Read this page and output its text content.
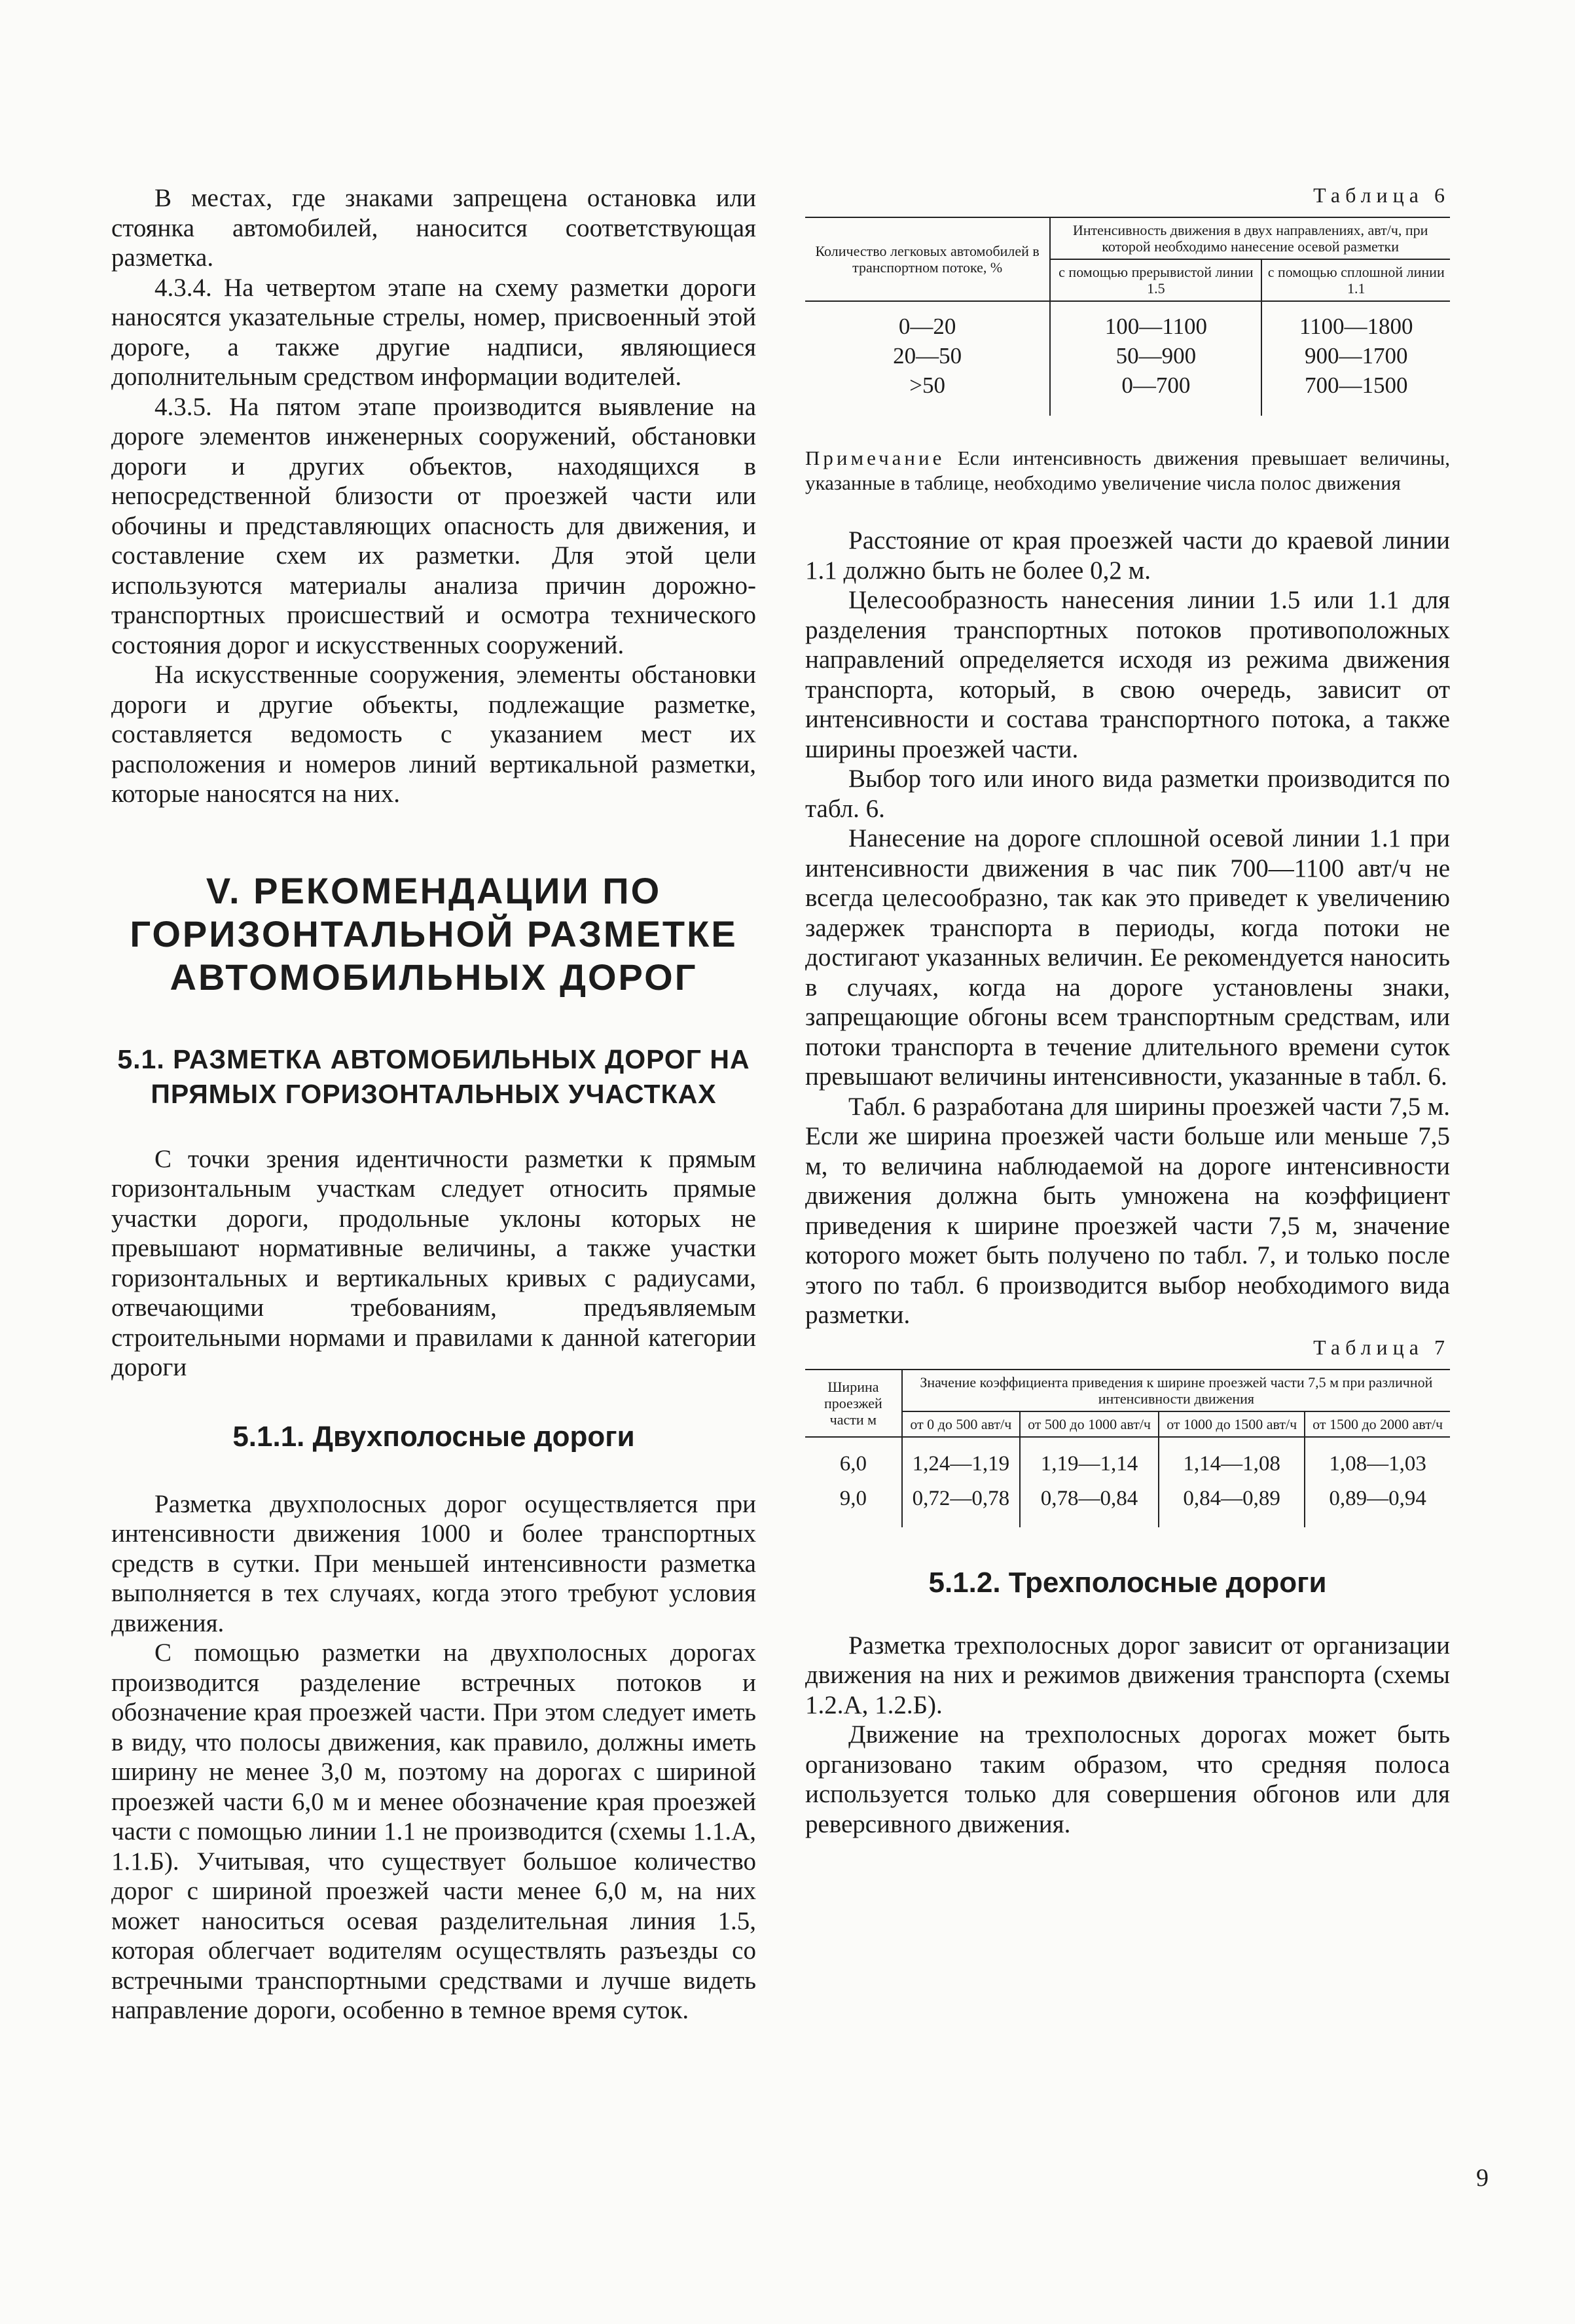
В местах, где знаками запрещена остановка или стоянка автомобилей, наносится соответствующая разметка.

4.3.4. На четвертом этапе на схему разметки дороги наносятся указательные стрелы, номер, присвоенный этой дороге, а также другие надписи, являющиеся дополнительным средством информации водителей.

4.3.5. На пятом этапе производится выявление на дороге элементов инженерных сооружений, обстановки дороги и других объектов, находящихся в непосредственной близости от проезжей части или обочины и представляющих опасность для движения, и составление схем их разметки. Для этой цели используются материалы анализа причин дорожно-транспортных происшествий и осмотра технического состояния дорог и искусственных сооружений.

На искусственные сооружения, элементы обстановки дороги и другие объекты, подлежащие разметке, составляется ведомость с указанием мест их расположения и номеров линий вертикальной разметки, которые наносятся на них.

V. РЕКОМЕНДАЦИИ ПО ГОРИЗОНТАЛЬНОЙ РАЗМЕТКЕ АВТОМОБИЛЬНЫХ ДОРОГ
5.1. РАЗМЕТКА АВТОМОБИЛЬНЫХ ДОРОГ НА ПРЯМЫХ ГОРИЗОНТАЛЬНЫХ УЧАСТКАХ

С точки зрения идентичности разметки к прямым горизонтальным участкам следует относить прямые участки дороги, продольные уклоны которых не превышают нормативные величины, а также участки горизонтальных и вертикальных кривых с радиусами, отвечающими требованиям, предъявляемым строительными нормами и правилами к данной категории дороги

5.1.1. Двухполосные дороги

Разметка двухполосных дорог осуществляется при интенсивности движения 1000 и более транспортных средств в сутки. При меньшей интенсивности разметка выполняется в тех случаях, когда этого требуют условия движения.

С помощью разметки на двухполосных дорогах производится разделение встречных потоков и обозначение края проезжей части. При этом следует иметь в виду, что полосы движения, как правило, должны иметь ширину не менее 3,0 м, поэтому на дорогах с шириной проезжей части 6,0 м и менее обозначение края проезжей части с помощью линии 1.1 не производится (схемы 1.1.А, 1.1.Б). Учитывая, что существует большое количество дорог с шириной проезжей части менее 6,0 м, на них может наноситься осевая разделительная линия 1.5, которая облегчает водителям осуществлять разъезды со встречными транспортными средствами и лучше видеть направление дороги, особенно в темное время суток.

Таблица 6
Количество легковых автомобилей в транспортном потоке, %	Интенсивность движения в двух направлениях, авт/ч, при которой необходимо нанесение осевой разметки	
	с помощью прерывистой линии 1.5	с помощью сплошной линии 1.1
0—20	100—1100	1100—1800
20—50	50—900	900—1700
>50	0—700	700—1500

Примечание Если интенсивность движения превышает величины, указанные в таблице, необходимо увеличение числа полос движения

Расстояние от края проезжей части до краевой линии 1.1 должно быть не более 0,2 м.

Целесообразность нанесения линии 1.5 или 1.1 для разделения транспортных потоков противоположных направлений определяется исходя из режима движения транспорта, который, в свою очередь, зависит от интенсивности и состава транспортного потока, а также ширины проезжей части.

Выбор того или иного вида разметки производится по табл. 6.

Нанесение на дороге сплошной осевой линии 1.1 при интенсивности движения в час пик 700—1100 авт/ч не всегда целесообразно, так как это приведет к увеличению задержек транспорта в периоды, когда потоки не достигают указанных величин. Ее рекомендуется наносить в случаях, когда на дороге установлены знаки, запрещающие обгоны всем транспортным средствам, или потоки транспорта в течение длительного времени суток превышают величины интенсивности, указанные в табл. 6.

Табл. 6 разработана для ширины проезжей части 7,5 м. Если же ширина проезжей части больше или меньше 7,5 м, то величина наблюдаемой на дороге интенсивности движения должна быть умножена на коэффициент приведения к ширине проезжей части 7,5 м, значение которого может быть получено по табл. 7, и только после этого по табл. 6 производится выбор необходимого вида разметки.

Таблица 7
Ширина проезжей части м	Значение коэффициента приведения к ширине проезжей части 7,5 м при различной интенсивности движения			
	от 0 до 500 авт/ч	от 500 до 1000 авт/ч	от 1000 до 1500 авт/ч	от 1500 до 2000 авт/ч
6,0	1,24—1,19	1,19—1,14	1,14—1,08	1,08—1,03
9,0	0,72—0,78	0,78—0,84	0,84—0,89	0,89—0,94
5.1.2. Трехполосные дороги

Разметка трехполосных дорог зависит от организации движения на них и режимов движения транспорта (схемы 1.2.А, 1.2.Б).

Движение на трехполосных дорогах может быть организовано таким образом, что средняя полоса используется только для совершения обгонов или для реверсивного движения.

9
